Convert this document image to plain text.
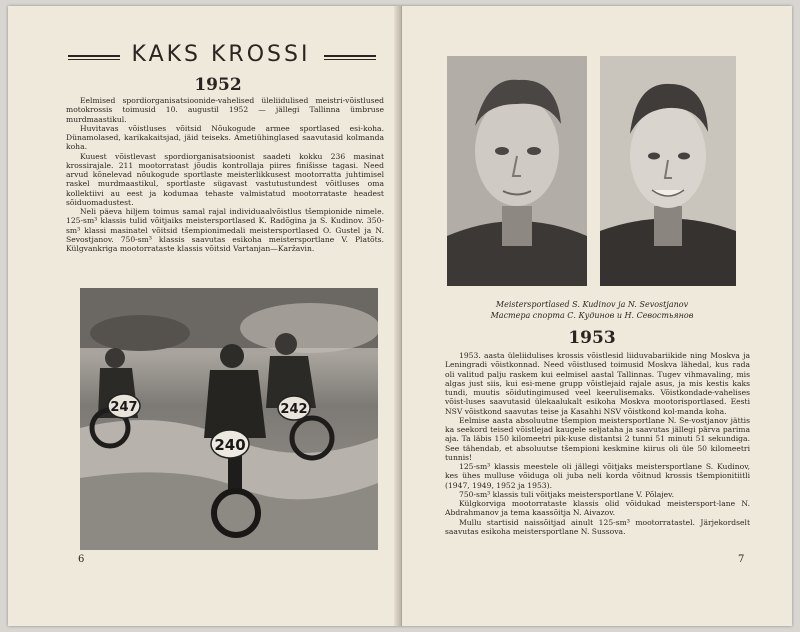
KAKS KROSSI
1952

Eelmised spordiorganisatsioonide-vahelised üleliidulised meistri-võistlused motokrossis toimusid 10. augustil 1952 — jällegi Tallinna ümbruse murdmaastikul.

Huvitavas võistluses võitsid Nõukogude armee sportlased esi-koha. Dünamolased, karikakaitsjad, jäid teiseks. Ametiühinglased saavutasid kolmanda koha.

Kuuest võistlevast spordiorganisatsioonist saadeti kokku 236 masinat krossirajale. 211 mootorratast jõudis kontrollaja piires finišisse tagasi. Need arvud kõnelevad nõukogude sportlaste meisterlikkusest mootorratta juhtimisel raskel murdmaastikul, sportlaste sügavast vastutustundest võitluses oma kollektiivi au eest ja kodumaa tehaste valmistatud mootorrataste headest sõiduomadustest.

Neli päeva hiljem toimus samal rajal individuaalvõistlus tšempionide nimele. 125-sm³ klassis tulid võitjaiks meistersportlased K. Radõgina ja S. Kudinov. 350-sm³ klassi masinatel võitsid tšempionimedali meistersportlased O. Gustel ja N. Sevostjanov. 750-sm³ klassis saavutas esikoha meistersportlane V. Platõts. Külgvankriga mootorrataste klassis võitsid Vartanjan—Karžavin.

247
240
242
6
Meistersportlased S. Kudinov ja N. Sevostjanov
Мастера спорта С. Кудинов и Н. Севостьянов
1953

1953. aasta üleliidulises krossis võistlesid liiduvabariikide ning Moskva ja Leningradi võistkonnad. Need võistlused toimusid Moskva lähedal, kus rada oli valitud palju raskem kui eelmisel aastal Tallinnas. Tugev vihmavaling, mis algas just siis, kui esi-mene grupp võistlejaid rajale asus, ja mis kestis kaks tundi, muutis sõidutingimused veel keerulisemaks. Võistkondade-vahelises võist-luses saavutasid ülekaalukalt esikoha Moskva mootorisportlased. Eesti NSV võistkond saavutas teise ja Kasahhi NSV võistkond kol-manda koha.

Eelmise aasta absoluutne tšempion meistersportlane N. Se-vostjanov jättis ka seekord teised võistlejad kaugele seljataha ja saavutas jällegi pärva parima aja. Ta läbis 150 kilomeetri pik-kuse distantsi 2 tunni 51 minuti 51 sekundiga. See tähendab, et absoluutse tšempioni keskmine kiirus oli üle 50 kilomeetri tunnis!

125-sm³ klassis meestele oli jällegi võitjaks meistersportlane S. Kudinov, kes ühes mullusе võiduga oli juba neli korda võitnud krossis tšempionitiitli (1947, 1949, 1952 ja 1953).

750-sm³ klassis tuli võitjaks meistersportlane V. Põlajev.

Külgkorviga mootorrataste klassis olid võidukad meistersport-lane N. Abdrahmanov ja tema kaassõitja N. Aivazov.

Mullu startisid naissõitjad ainult 125-sm³ mootorratastel. Järjekordselt saavutas esikoha meistersportlane N. Sussova.

7
